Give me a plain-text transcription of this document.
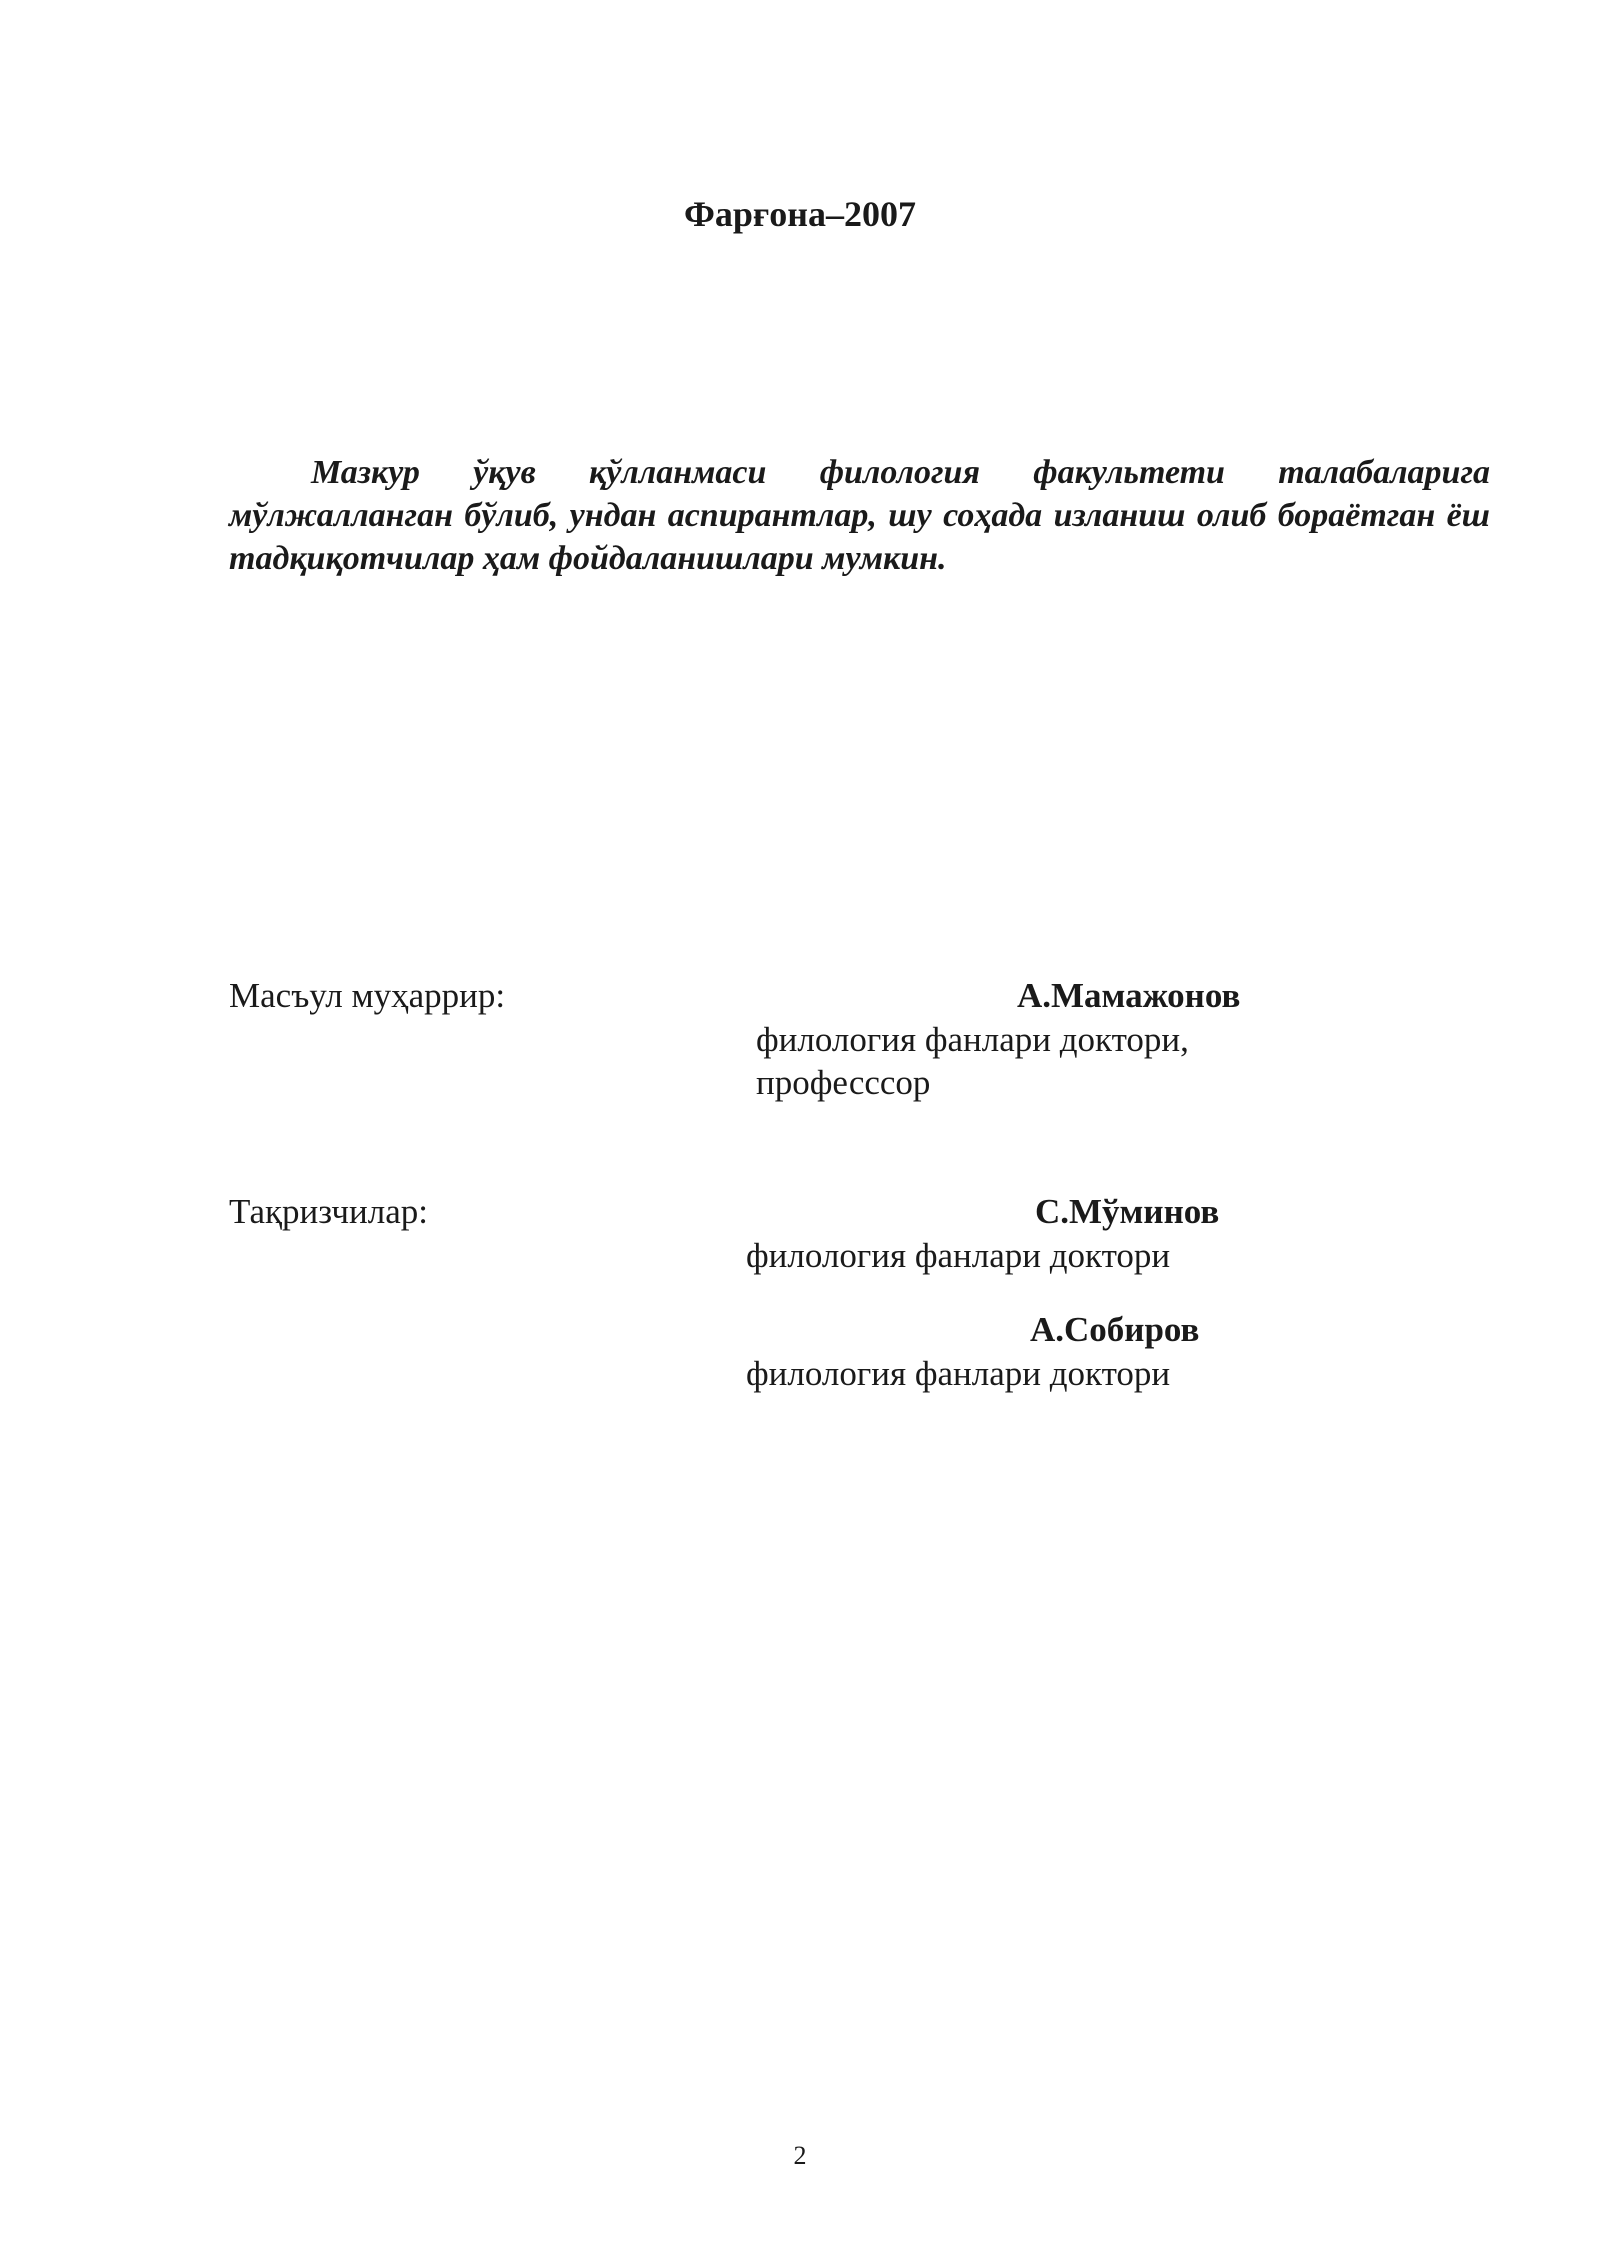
Фарғона–2007

Мазкур ўқув қўлланмаси филология факультети талабаларига мўлжалланган бўлиб, ундан аспирантлар, шу соҳада изланиш олиб бораётган ёш тадқиқотчилар ҳам фойдаланишлари мумкин.

Масъул муҳаррир:	А.Мамажонов
филология фанлари доктори,
професссор
Тақризчилар:	С.Мўминов
филология фанлари доктори
А.Собиров
филология фанлари доктори
2
